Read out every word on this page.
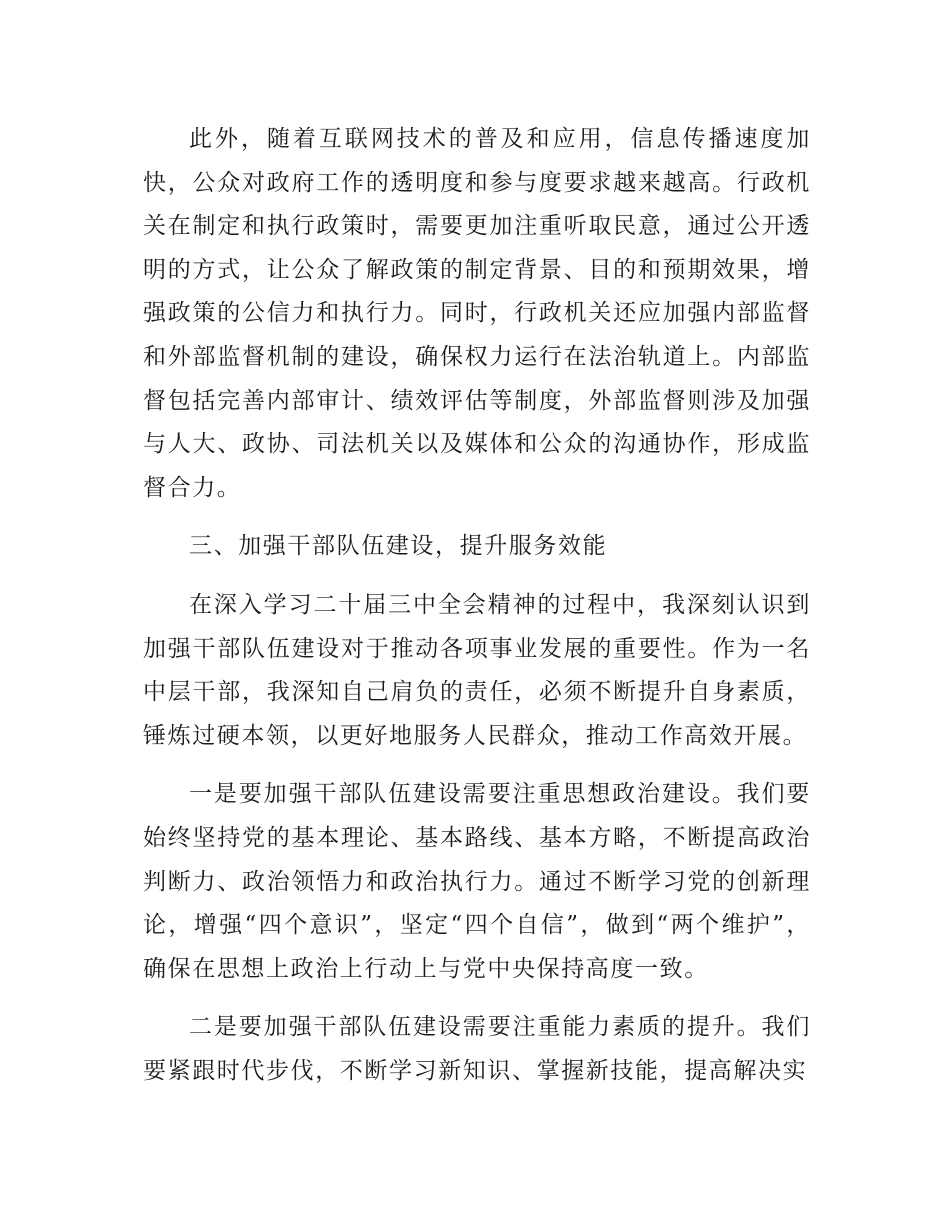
此外，随着互联网技术的普及和应用，信息传播速度加快，公众对政府工作的透明度和参与度要求越来越高。行政机关在制定和执行政策时，需要更加注重听取民意，通过公开透明的方式，让公众了解政策的制定背景、目的和预期效果，增强政策的公信力和执行力。同时，行政机关还应加强内部监督和外部监督机制的建设，确保权力运行在法治轨道上。内部监督包括完善内部审计、绩效评估等制度，外部监督则涉及加强与人大、政协、司法机关以及媒体和公众的沟通协作，形成监督合力。

三、加强干部队伍建设，提升服务效能

在深入学习二十届三中全会精神的过程中，我深刻认识到加强干部队伍建设对于推动各项事业发展的重要性。作为一名中层干部，我深知自己肩负的责任，必须不断提升自身素质，锤炼过硬本领，以更好地服务人民群众，推动工作高效开展。

一是要加强干部队伍建设需要注重思想政治建设。我们要始终坚持党的基本理论、基本路线、基本方略，不断提高政治判断力、政治领悟力和政治执行力。通过不断学习党的创新理论，增强“四个意识”，坚定“四个自信”，做到“两个维护”，确保在思想上政治上行动上与党中央保持高度一致。

二是要加强干部队伍建设需要注重能力素质的提升。我们要紧跟时代步伐，不断学习新知识、掌握新技能，提高解决实
